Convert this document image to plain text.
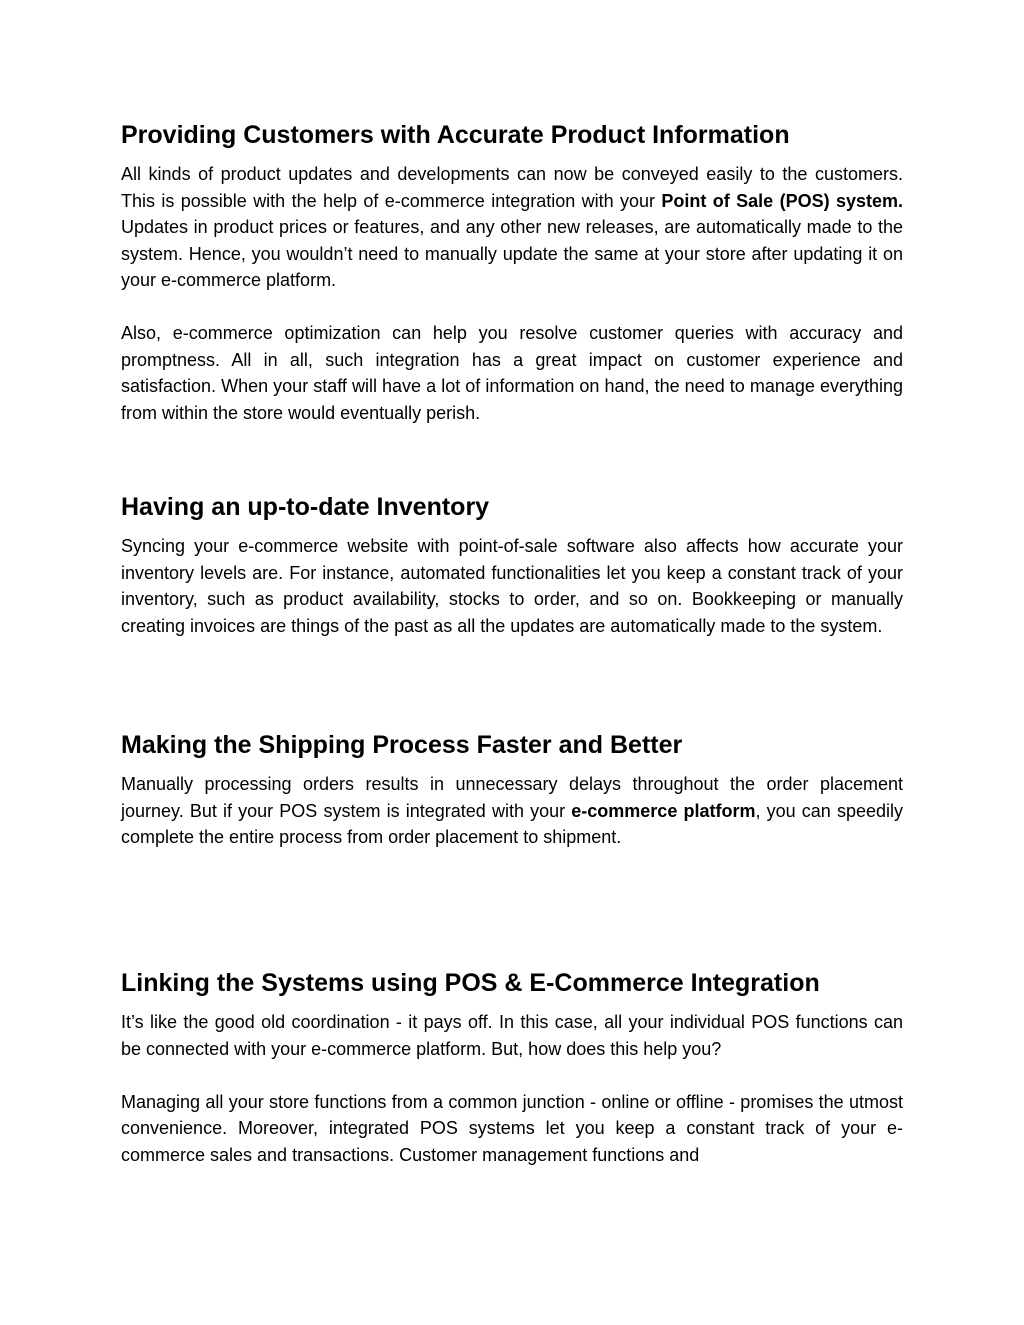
Providing Customers with Accurate Product Information

All kinds of product updates and developments can now be conveyed easily to the customers. This is possible with the help of e-commerce integration with your Point of Sale (POS) system. Updates in product prices or features, and any other new releases, are automatically made to the system. Hence, you wouldn’t need to manually update the same at your store after updating it on your e-commerce platform.

Also, e-commerce optimization can help you resolve customer queries with accuracy and promptness. All in all, such integration has a great impact on customer experience and satisfaction. When your staff will have a lot of information on hand, the need to manage everything from within the store would eventually perish.

Having an up-to-date Inventory

Syncing your e-commerce website with point-of-sale software also affects how accurate your inventory levels are. For instance, automated functionalities let you keep a constant track of your inventory, such as product availability, stocks to order, and so on. Bookkeeping or manually creating invoices are things of the past as all the updates are automatically made to the system.

Making the Shipping Process Faster and Better

Manually processing orders results in unnecessary delays throughout the order placement journey. But if your POS system is integrated with your e-commerce platform, you can speedily complete the entire process from order placement to shipment.

Linking the Systems using POS & E-Commerce Integration

It’s like the good old coordination - it pays off. In this case, all your individual POS functions can be connected with your e-commerce platform. But, how does this help you?

Managing all your store functions from a common junction - online or offline - promises the utmost convenience. Moreover, integrated POS systems let you keep a constant track of your e-commerce sales and transactions. Customer management functions and
